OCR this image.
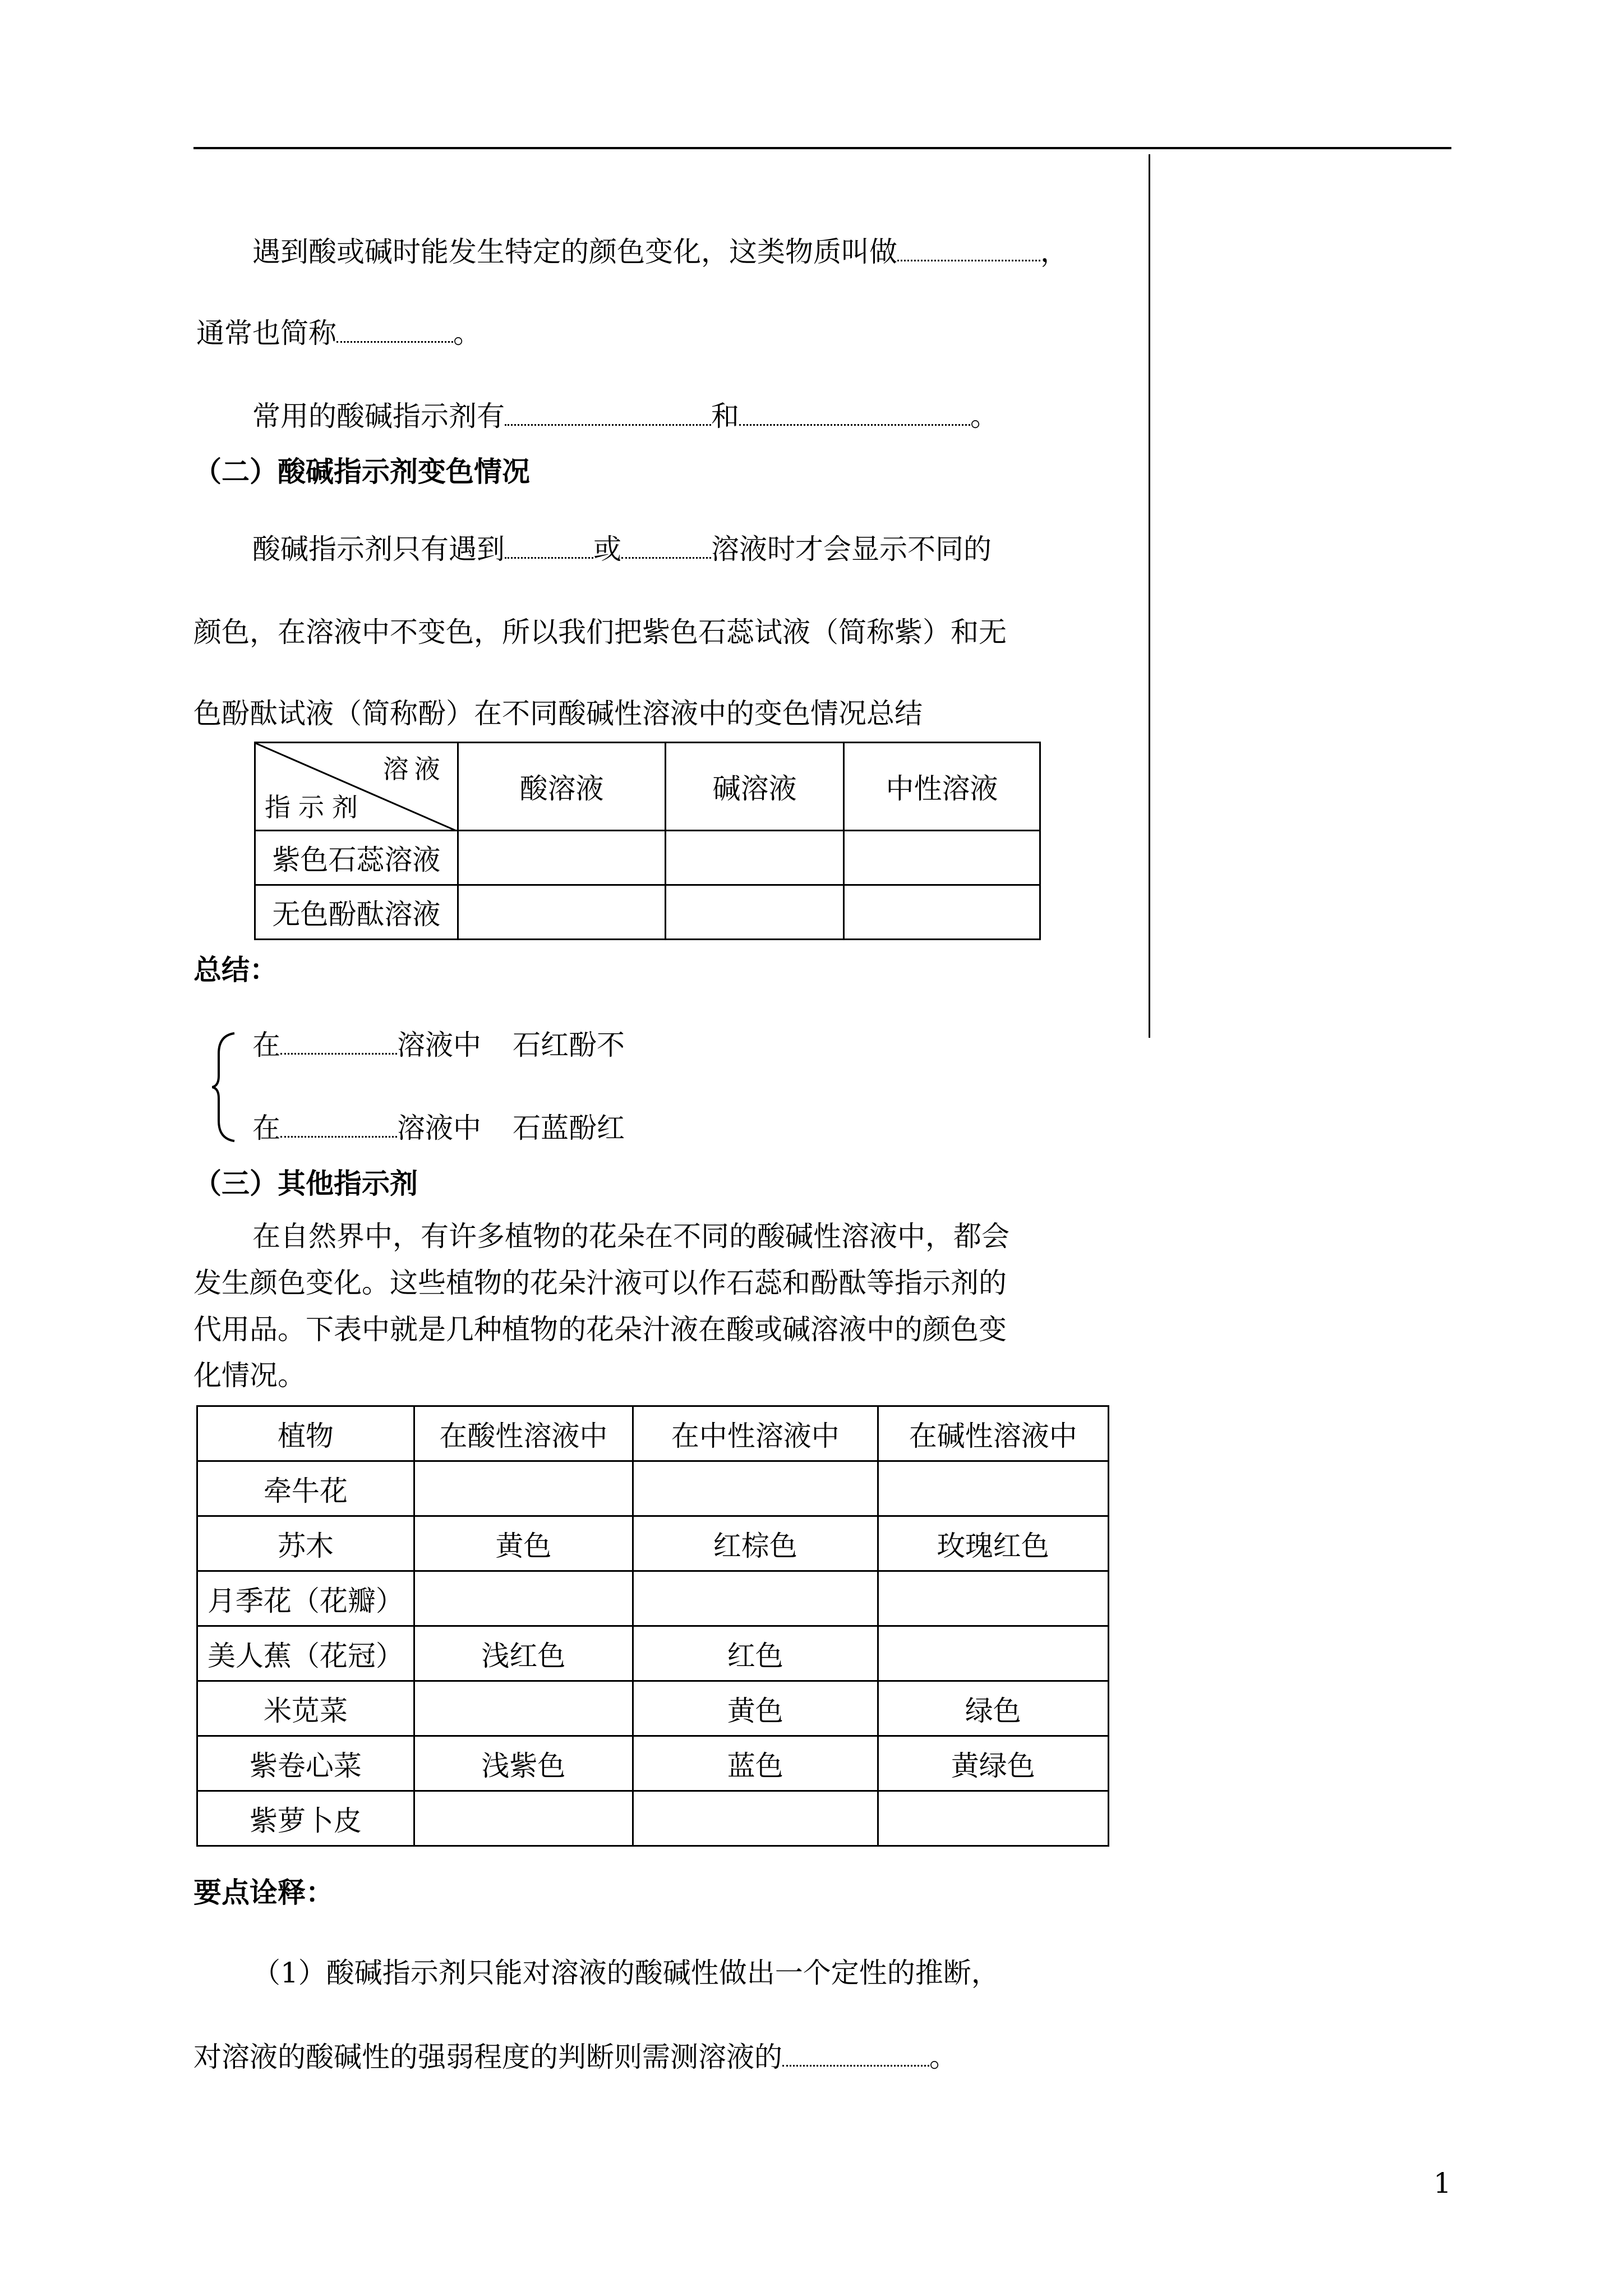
遇到酸或碱时能发生特定的颜色变化，这类物质叫做	，
通常也简称	。
常用的酸碱指示剂有	和	。
（二）酸碱指示剂变色情况
酸碱指示剂只有遇到	或	溶液时才会显示不同的
颜色，在溶液中不变色，所以我们把紫色石蕊试液（简称紫）和无
色酚酞试液（简称酚）在不同酸碱性溶液中的变色情况总结
溶液
指示剂	酸溶液	碱溶液	中性溶液
紫色石蕊溶液			
无色酚酞溶液			
总结：
在	溶液中 石红酚不
在	溶液中 石蓝酚红
（三）其他指示剂
在自然界中，有许多植物的花朵在不同的酸碱性溶液中，都会
发生颜色变化。这些植物的花朵汁液可以作石蕊和酚酞等指示剂的
代用品。下表中就是几种植物的花朵汁液在酸或碱溶液中的颜色变
化情况。
植物	在酸性溶液中	在中性溶液中	在碱性溶液中
牵牛花			
苏木	黄色	红棕色	玫瑰红色
月季花（花瓣）			
美人蕉（花冠）	浅红色	红色	
米苋菜		黄色	绿色
紫卷心菜	浅紫色	蓝色	黄绿色
紫萝卜皮			
要点诠释：
（1）酸碱指示剂只能对溶液的酸碱性做出一个定性的推断，
对溶液的酸碱性的强弱程度的判断则需测溶液的	。
1
